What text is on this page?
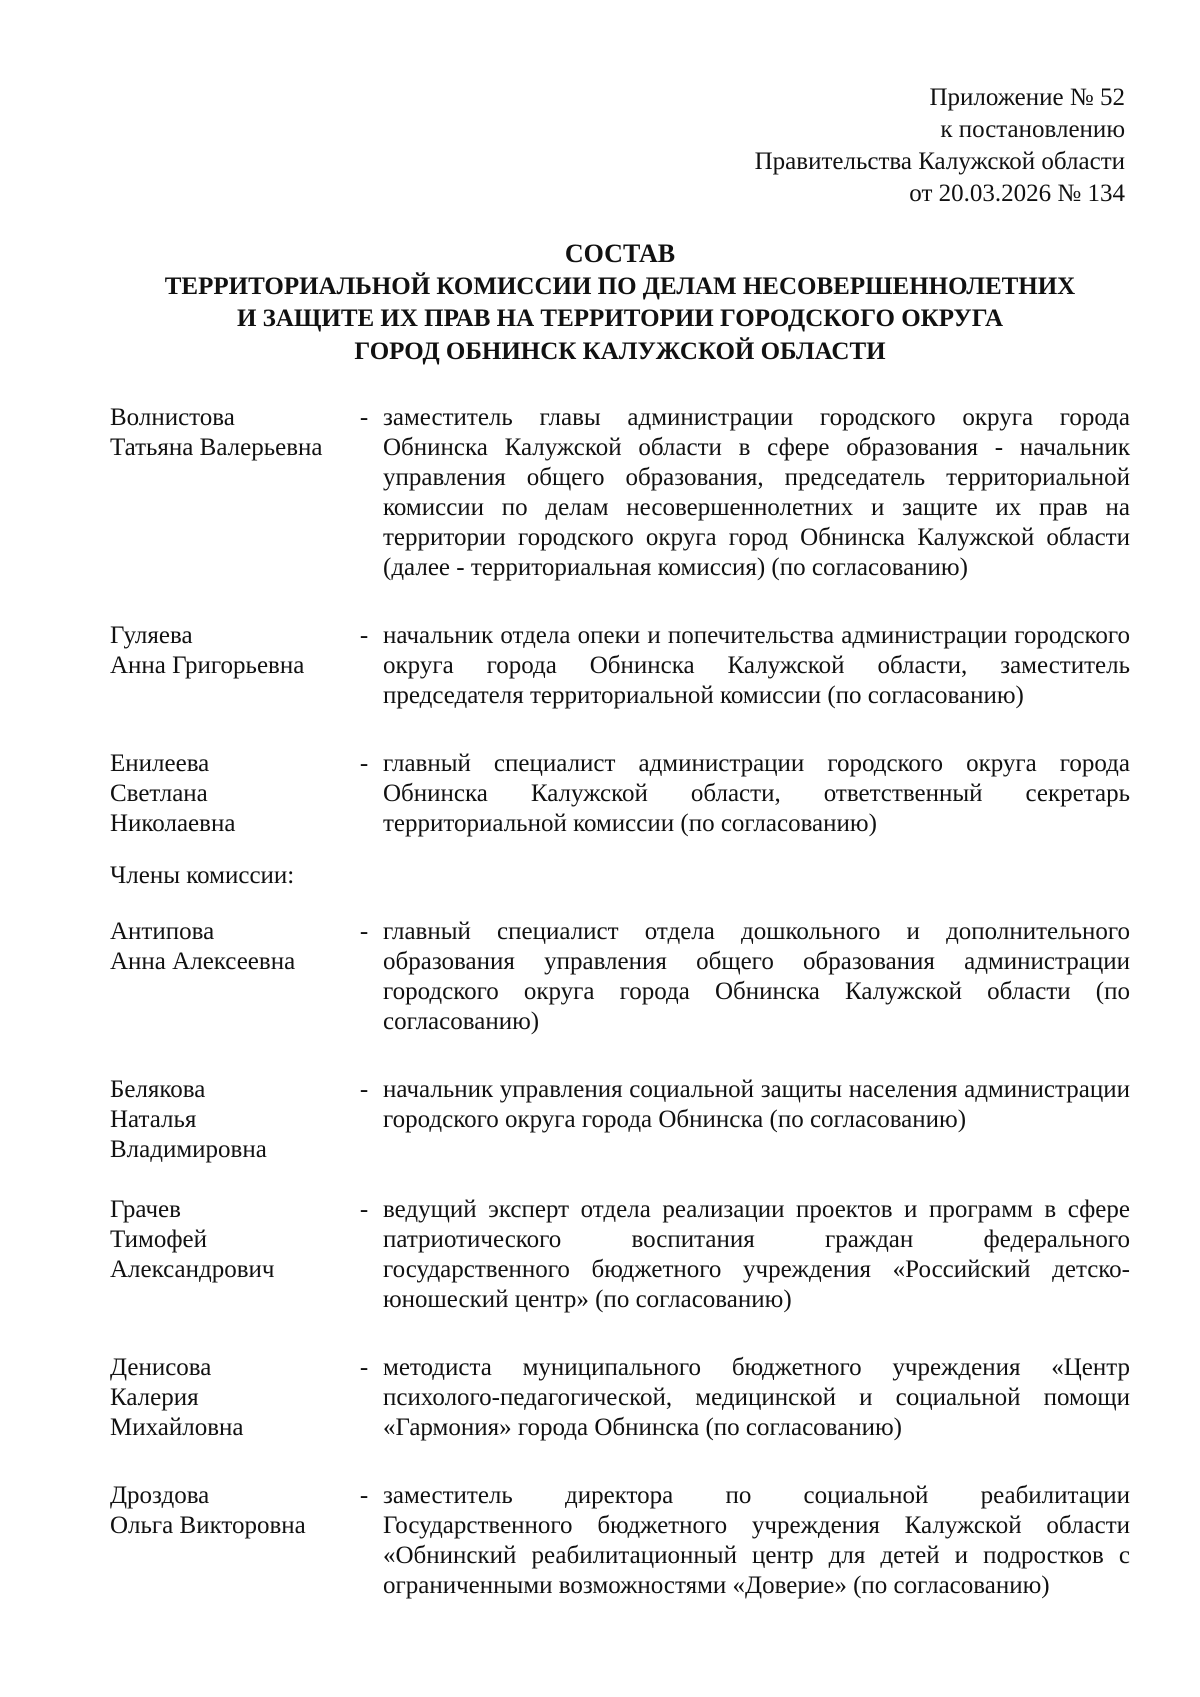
Приложение № 52
к постановлению
Правительства Калужской области
от 20.03.2026 № 134
СОСТАВ
ТЕРРИТОРИАЛЬНОЙ КОМИССИИ ПО ДЕЛАМ НЕСОВЕРШЕННОЛЕТНИХ
И ЗАЩИТЕ ИХ ПРАВ НА ТЕРРИТОРИИ ГОРОДСКОГО ОКРУГА
ГОРОД ОБНИНСК КАЛУЖСКОЙ ОБЛАСТИ
Волнистова
Татьяна Валерьевна
- заместитель главы администрации городского округа города Обнинска Калужской области в сфере образования - начальник управления общего образования, председатель территориальной комиссии по делам несовершеннолетних и защите их прав на территории городского округа город Обнинска Калужской области (далее - территориальная комиссия) (по согласованию)
Гуляева
Анна Григорьевна
- начальник отдела опеки и попечительства администрации городского округа города Обнинска Калужской области, заместитель председателя территориальной комиссии (по согласованию)
Енилеева
Светлана
Николаевна
- главный специалист администрации городского округа города Обнинска Калужской области, ответственный секретарь территориальной комиссии (по согласованию)
Члены комиссии:
Антипова
Анна Алексеевна
- главный специалист отдела дошкольного и дополнительного образования управления общего образования администрации городского округа города Обнинска Калужской области (по согласованию)
Белякова
Наталья
Владимировна
- начальник управления социальной защиты населения администрации городского округа города Обнинска (по согласованию)
Грачев
Тимофей
Александрович
- ведущий эксперт отдела реализации проектов и программ в сфере патриотического воспитания граждан федерального государственного бюджетного учреждения «Российский детско-юношеский центр» (по согласованию)
Денисова
Калерия
Михайловна
- методиста муниципального бюджетного учреждения «Центр психолого-педагогической, медицинской и социальной помощи «Гармония» города Обнинска (по согласованию)
Дроздова
Ольга Викторовна
- заместитель директора по социальной реабилитации Государственного бюджетного учреждения Калужской области «Обнинский реабилитационный центр для детей и подростков с ограниченными возможностями «Доверие» (по согласованию)
